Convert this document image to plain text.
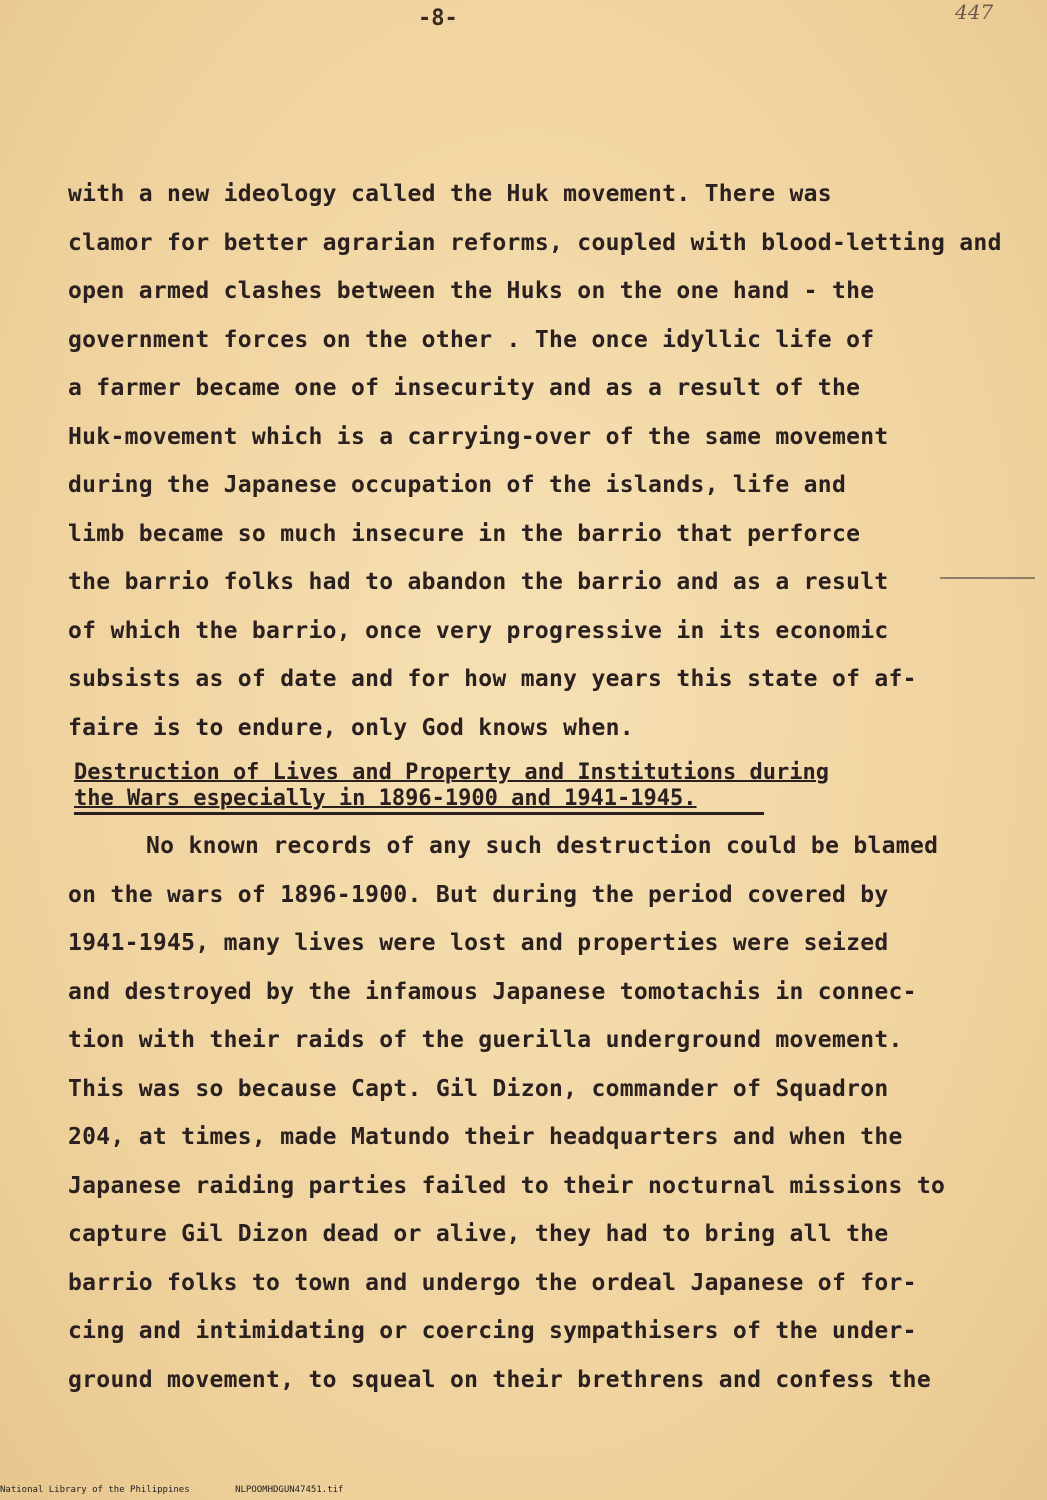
-8-	447
with a new ideology called the Huk movement. There was
clamor for better agrarian reforms, coupled with blood-letting and
open armed clashes between the Huks on the one hand - the
government forces on the other . The once idyllic life of
a farmer became one of insecurity and as a result of the
Huk-movement which is a carrying-over of the same movement
during the Japanese occupation of the islands, life and
limb became so much insecure in the barrio that perforce
the barrio folks had to abandon the barrio and as a result
of which the barrio, once very progressive in its economic
subsists as of date and for how many years this state of af-
faire is to endure, only God knows when.
Destruction of Lives and Property and Institutions during
the Wars especially in 1896-1900 and 1941-1945.
No known records of any such destruction could be blamed
on the wars of 1896-1900. But during the period covered by
1941-1945, many lives were lost and properties were seized
and destroyed by the infamous Japanese tomotachis in connec-
tion with their raids of the guerilla underground movement.
This was so because Capt. Gil Dizon, commander of Squadron
204, at times, made Matundo their headquarters and when the
Japanese raiding parties failed to their nocturnal missions to
capture Gil Dizon dead or alive, they had to bring all the
barrio folks to town and undergo the ordeal Japanese of for-
cing and intimidating or coercing sympathisers of the under-
ground movement, to squeal on their brethrens and confess the
National Library of the Philippines	NLPOOMHDGUN47451.tif
